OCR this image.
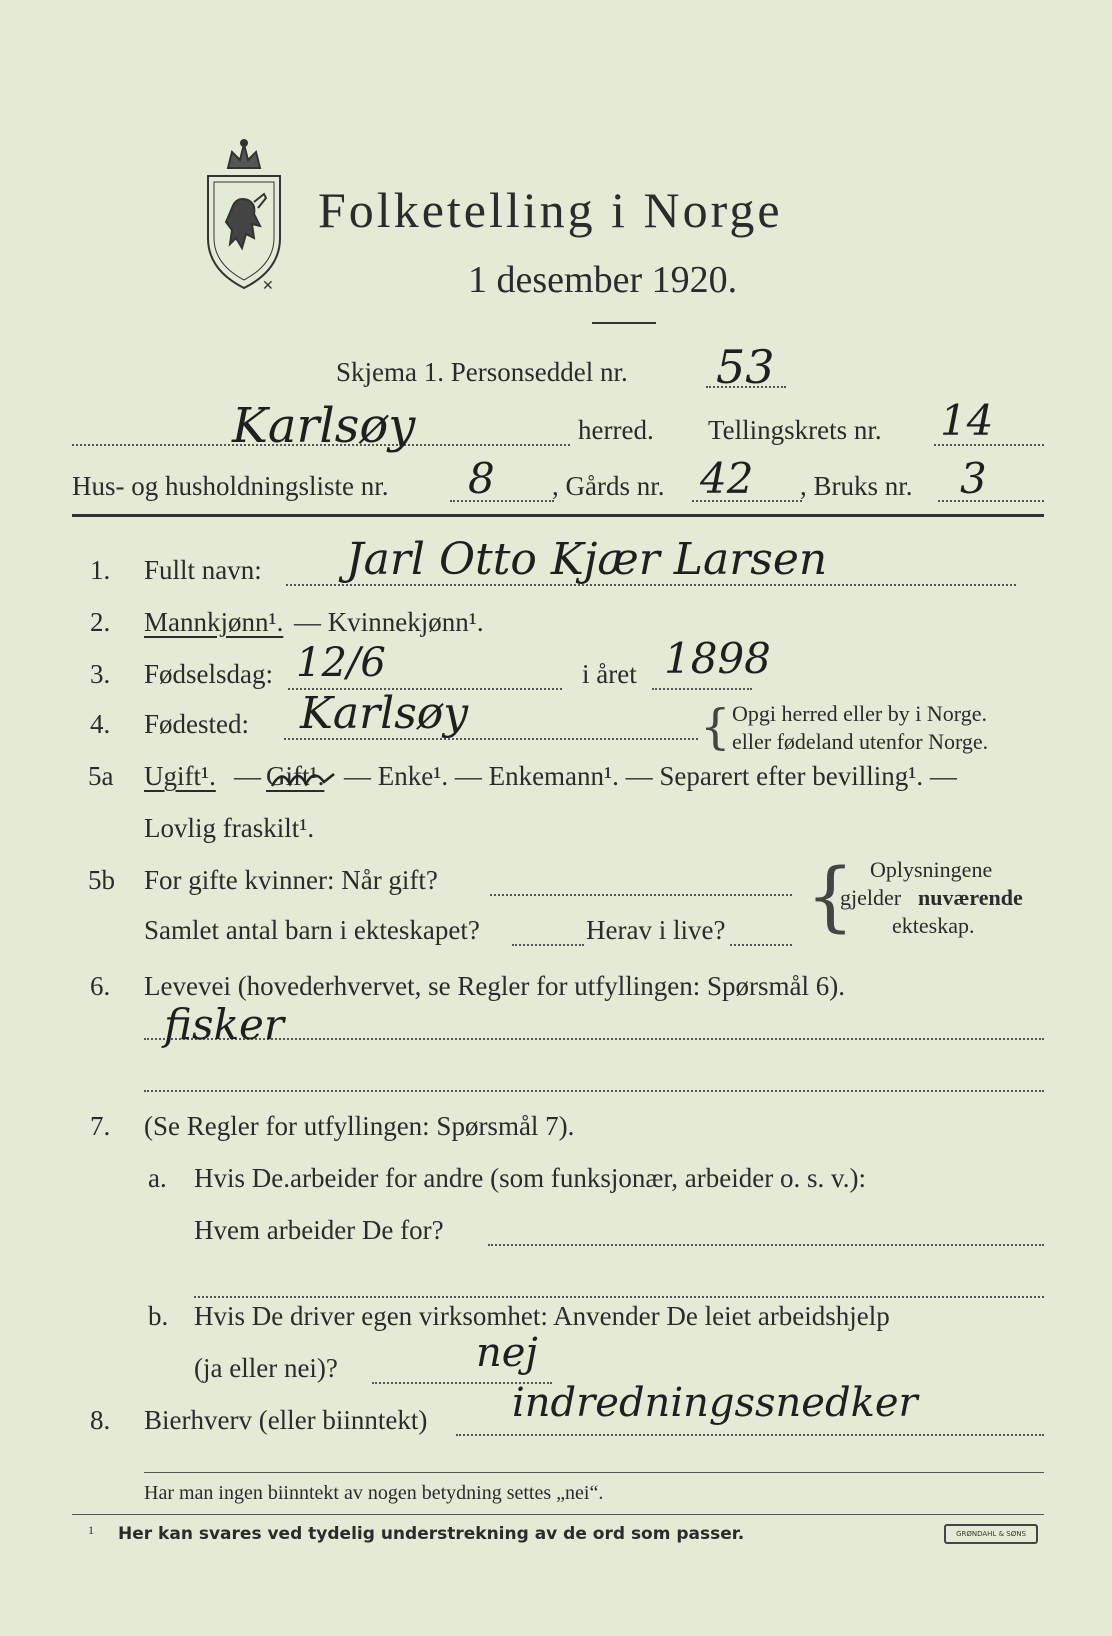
✕
Folketelling i Norge
1 desember 1920.
Skjema 1. Personseddel nr. 53
Karlsøy	herred. Tellingskrets nr. 14
Hus- og husholdningsliste nr. 8 , Gårds nr. 42 , Bruks nr. 3
1. Fullt navn: Jarl Otto Kjær Larsen
2. Mannkjønn¹. — Kvinnekjønn¹.
3. Fødselsdag: 12/6	i året 1898
4. Fødested: Karlsøy	{ Opgi herred eller by i Norge.
eller fødeland utenfor Norge.
5a Ugift¹. — Gift¹. — Enke¹. — Enkemann¹. — Separert efter bevilling¹. —
Lovlig fraskilt¹.
5b For gifte kvinner: Når gift?
Samlet antal barn i ekteskapet?	Herav i live? { Oplysningene
gjelder nuværende
ekteskap.
6. Levevei (hovederhvervet, se Regler for utfyllingen: Spørsmål 6).
fisker
7. (Se Regler for utfyllingen: Spørsmål 7).
a. Hvis De.arbeider for andre (som funksjonær, arbeider o. s. v.):
Hvem arbeider De for?
b. Hvis De driver egen virksomhet: Anvender De leiet arbeidshjelp
(ja eller nei)?	nej
8. Bierhverv (eller biinntekt) indredningssnedker
Har man ingen biinntekt av nogen betydning settes „nei“.
1 Her kan svares ved tydelig understrekning av de ord som passer.	GRØNDAHL & SØNS
